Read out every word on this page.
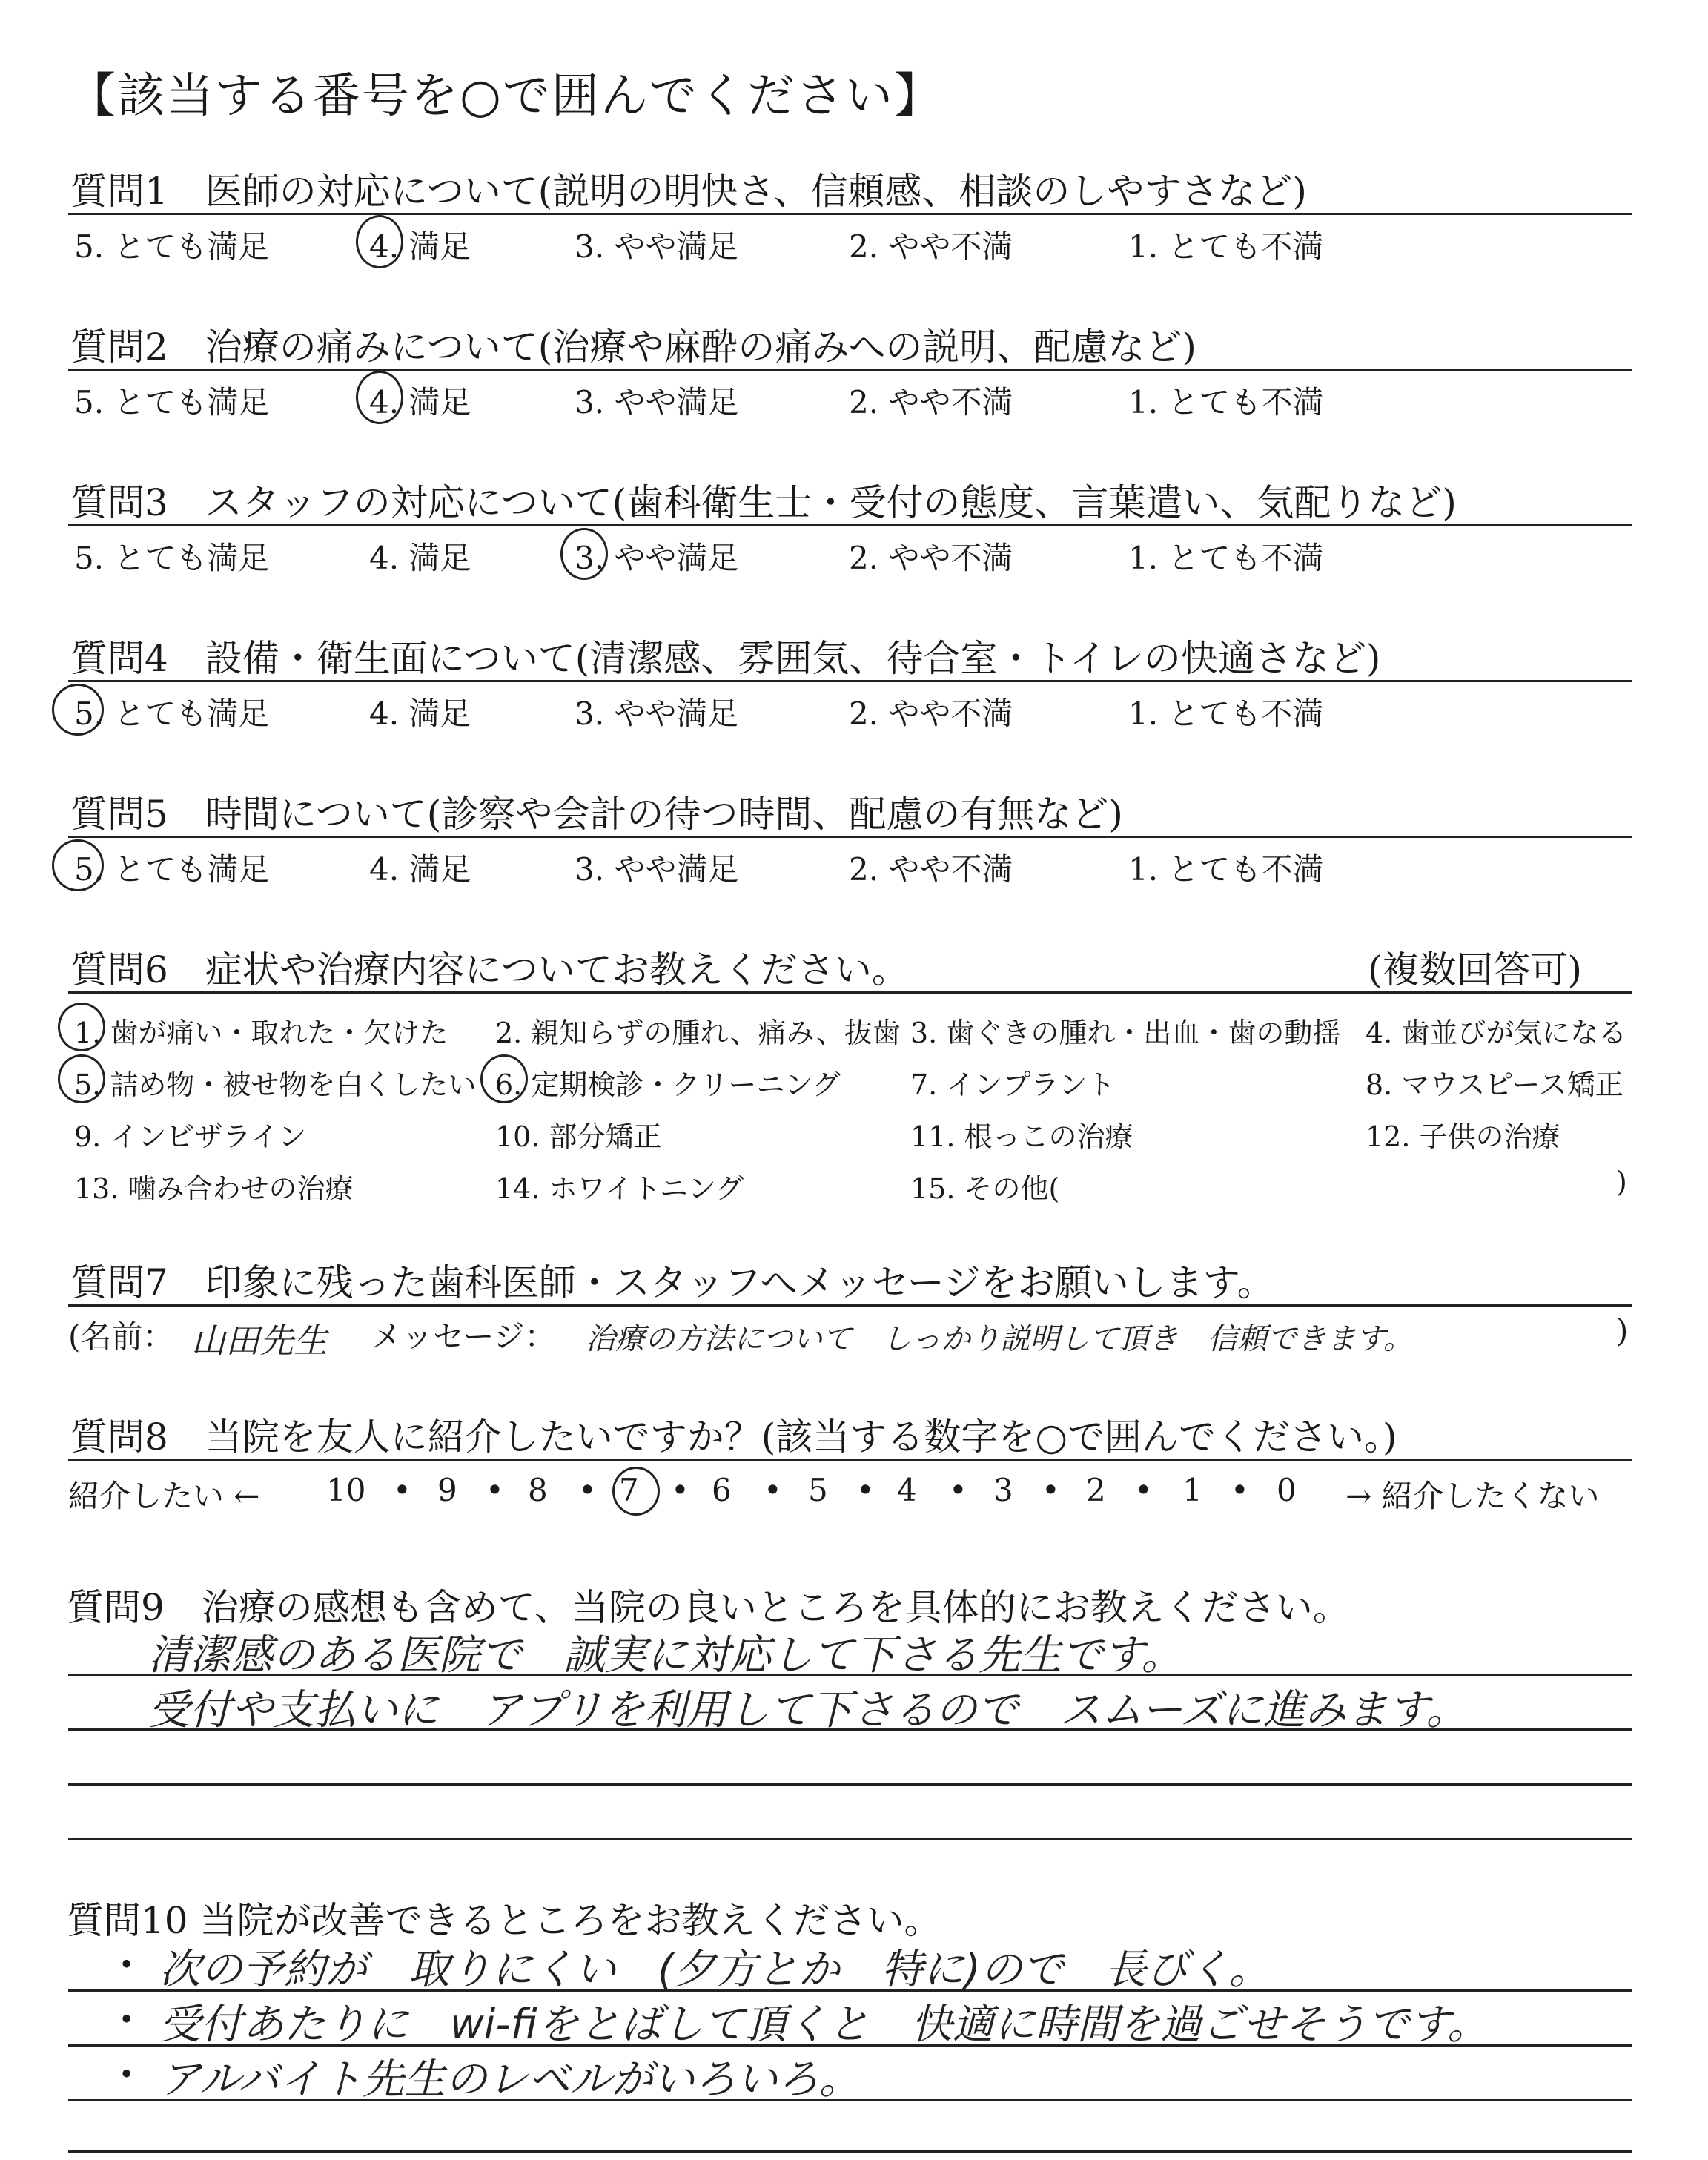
【該当する番号を○で囲んでください】
質問1　医師の対応について(説明の明快さ、信頼感、相談のしやすさなど)
5. とても満足	4. 満足	3. やや満足	2. やや不満	1. とても不満
質問2　治療の痛みについて(治療や麻酔の痛みへの説明、配慮など)
5. とても満足	4. 満足	3. やや満足	2. やや不満	1. とても不満
質問3　スタッフの対応について(歯科衛生士・受付の態度、言葉遣い、気配りなど)
5. とても満足	4. 満足	3. やや満足	2. やや不満	1. とても不満
質問4　設備・衛生面について(清潔感、雰囲気、待合室・トイレの快適さなど)
5. とても満足	4. 満足	3. やや満足	2. やや不満	1. とても不満
質問5　時間について(診察や会計の待つ時間、配慮の有無など)
5. とても満足	4. 満足	3. やや満足	2. やや不満	1. とても不満
質問6　症状や治療内容についてお教えください。	(複数回答可)
1. 歯が痛い・取れた・欠けた 2. 親知らずの腫れ、痛み、抜歯 3. 歯ぐきの腫れ・出血・歯の動揺 4. 歯並びが気になる
5. 詰め物・被せ物を白くしたい 6. 定期検診・クリーニング 7. インプラント	8. マウスピース矯正
9. インビザライン	10. 部分矯正	11. 根っこの治療	12. 子供の治療
13. 噛み合わせの治療	14. ホワイトニング	15. その他(	)
質問7　印象に残った歯科医師・スタッフへメッセージをお願いします。
(名前： 山田先生 メッセージ： 治療の方法について　しっかり説明して頂き　信頼できます。	)
質問8　当院を友人に紹介したいですか？(該当する数字を○で囲んでください。)
紹介したい ←	→ 紹介したくない
10 9 8 7 6 5 4 3 2 1 0
• • • • • • • • •	•
質問9　治療の感想も含めて、当院の良いところを具体的にお教えください。
清潔感のある医院で　誠実に対応して下さる先生です。
受付や支払いに　アプリを利用して下さるので　スムーズに進みます。
質問10 当院が改善できるところをお教えください。
•
•
•
次の予約が　取りにくい　(夕方とか　特に)ので　長びく。
受付あたりに　wi-fiをとばして頂くと　快適に時間を過ごせそうです。
アルバイト先生のレベルがいろいろ。
